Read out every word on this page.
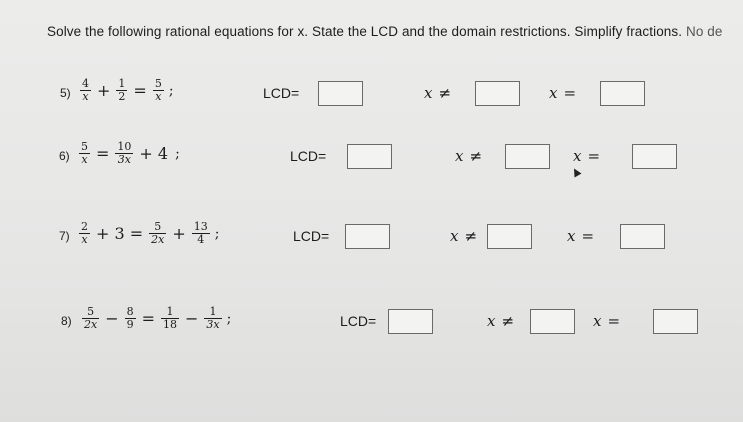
Solve the following rational equations for x. State the LCD and the domain restrictions. Simplify fractions. No de
$5) \frac{4}{x} + \frac{1}{2} = \frac{5}{x}$ ;	LCD=	x ≠	x =
$6) \frac{5}{x} = \frac{10}{3x} + 4$ ;	LCD=	x ≠	x =
$7) \frac{2}{x} + 3 = \frac{5}{2x} + \frac{13}{4}$ ;	LCD=	x ≠	x =
$8) \frac{5}{2x} - \frac{8}{9} = \frac{1}{18} - \frac{1}{3x}$ ;	LCD=	x ≠	x =
